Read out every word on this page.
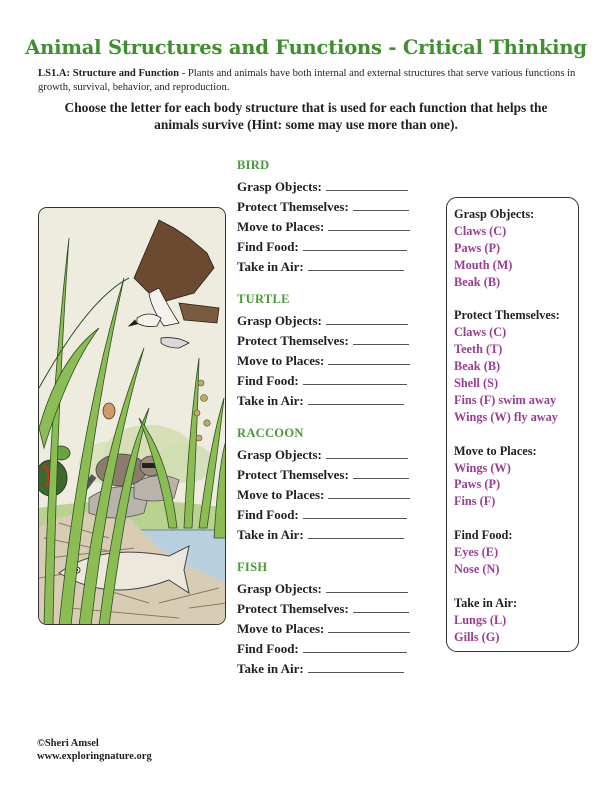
Animal Structures and Functions - Critical Thinking
LS1.A: Structure and Function - Plants and animals have both internal and external structures that serve various functions in growth, survival, behavior, and reproduction.
Choose the letter for each body structure that is used for each function that helps the animals survive (Hint: some may use more than one).
BIRD
Grasp Objects:
Protect Themselves:
Move to Places:
Find Food:
Take in Air:
TURTLE
Grasp Objects:
Protect Themselves:
Move to Places:
Find Food:
Take in Air:
RACCOON
Grasp Objects:
Protect Themselves:
Move to Places:
Find Food:
Take in Air:
FISH
Grasp Objects:
Protect Themselves:
Move to Places:
Find Food:
Take in Air:
Grasp Objects:
Claws (C)
Paws (P)
Mouth (M)
Beak (B)
Protect Themselves:
Claws (C)
Teeth (T)
Beak (B)
Shell (S)
Fins (F) swim away
Wings (W) fly away
Move to Places:
Wings (W)
Paws (P)
Fins (F)
Find Food:
Eyes (E)
Nose (N)
Take in Air:
Lungs (L)
Gills (G)
©Sheri Amsel
www.exploringnature.org
